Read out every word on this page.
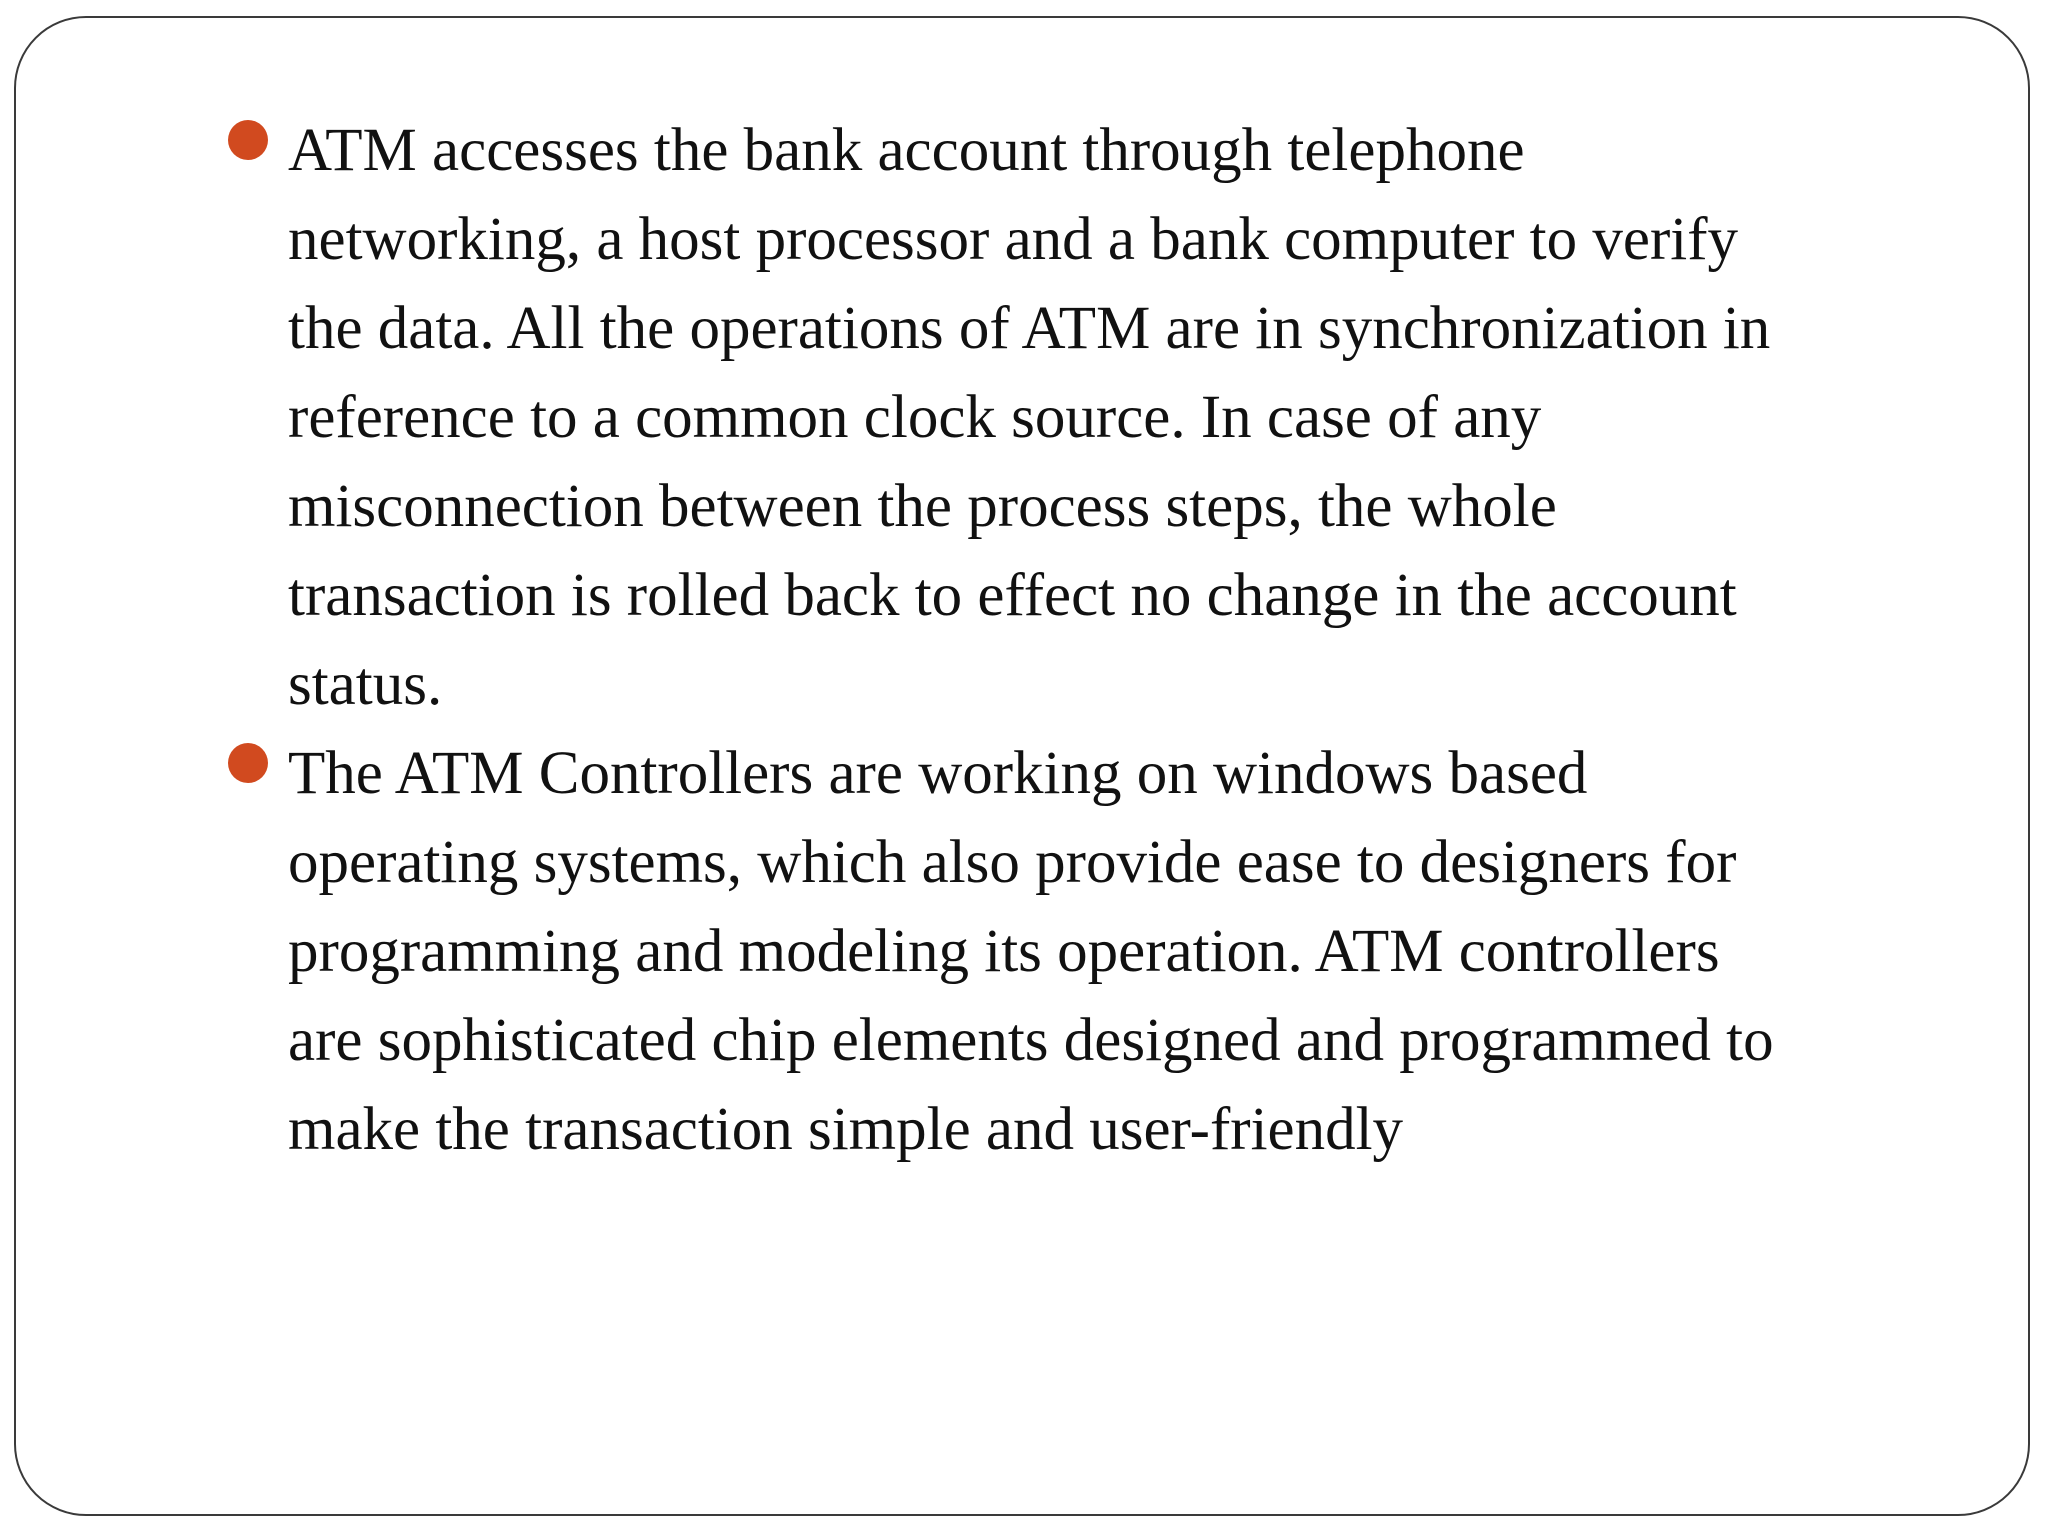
ATM accesses the bank account through telephone
networking, a host processor and a bank computer to verify
the data. All the operations of ATM are in synchronization in
reference to a common clock source. In case of any
misconnection between the process steps, the whole
transaction is rolled back to effect no change in the account
status.
The ATM Controllers are working on windows based
operating systems, which also provide ease to designers for
programming and modeling its operation. ATM controllers
are sophisticated chip elements designed and programmed to
make the transaction simple and user-friendly
